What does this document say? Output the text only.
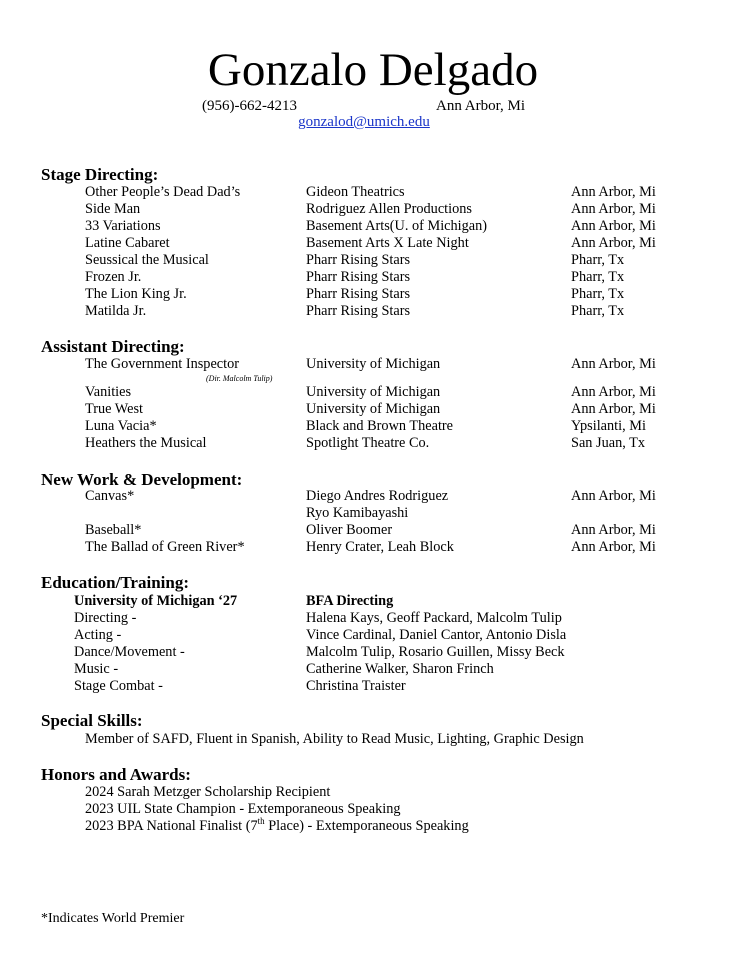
Gonzalo Delgado
(956)-662-4213	Ann Arbor, Mi
gonzalod@umich.edu
Stage Directing:
Other People’s Dead Dad’s	Gideon Theatrics	Ann Arbor, Mi
Side Man	Rodriguez Allen Productions	Ann Arbor, Mi
33 Variations	Basement Arts(U. of Michigan)	Ann Arbor, Mi
Latine Cabaret	Basement Arts X Late Night	Ann Arbor, Mi
Seussical the Musical	Pharr Rising Stars	Pharr, Tx
Frozen Jr.	Pharr Rising Stars	Pharr, Tx
The Lion King Jr.	Pharr Rising Stars	Pharr, Tx
Matilda Jr.	Pharr Rising Stars	Pharr, Tx
Assistant Directing:
The Government Inspector	University of Michigan	Ann Arbor, Mi
(Dir. Malcolm Tulip)
Vanities	University of Michigan	Ann Arbor, Mi
True West	University of Michigan	Ann Arbor, Mi
Luna Vacia*	Black and Brown Theatre	Ypsilanti, Mi
Heathers the Musical	Spotlight Theatre Co.	San Juan, Tx
New Work & Development:
Canvas*	Diego Andres Rodriguez	Ann Arbor, Mi
Ryo Kamibayashi
Baseball*	Oliver Boomer	Ann Arbor, Mi
The Ballad of Green River*	Henry Crater, Leah Block	Ann Arbor, Mi
Education/Training:
University of Michigan ‘27	BFA Directing
Directing -	Halena Kays, Geoff Packard, Malcolm Tulip
Acting -	Vince Cardinal, Daniel Cantor, Antonio Disla
Dance/Movement -	Malcolm Tulip, Rosario Guillen, Missy Beck
Music -	Catherine Walker, Sharon Frinch
Stage Combat -	Christina Traister
Special Skills:
Member of SAFD, Fluent in Spanish, Ability to Read Music, Lighting, Graphic Design
Honors and Awards:
2024 Sarah Metzger Scholarship Recipient
2023 UIL State Champion - Extemporaneous Speaking
2023 BPA National Finalist (7th Place) - Extemporaneous Speaking
*Indicates World Premier
